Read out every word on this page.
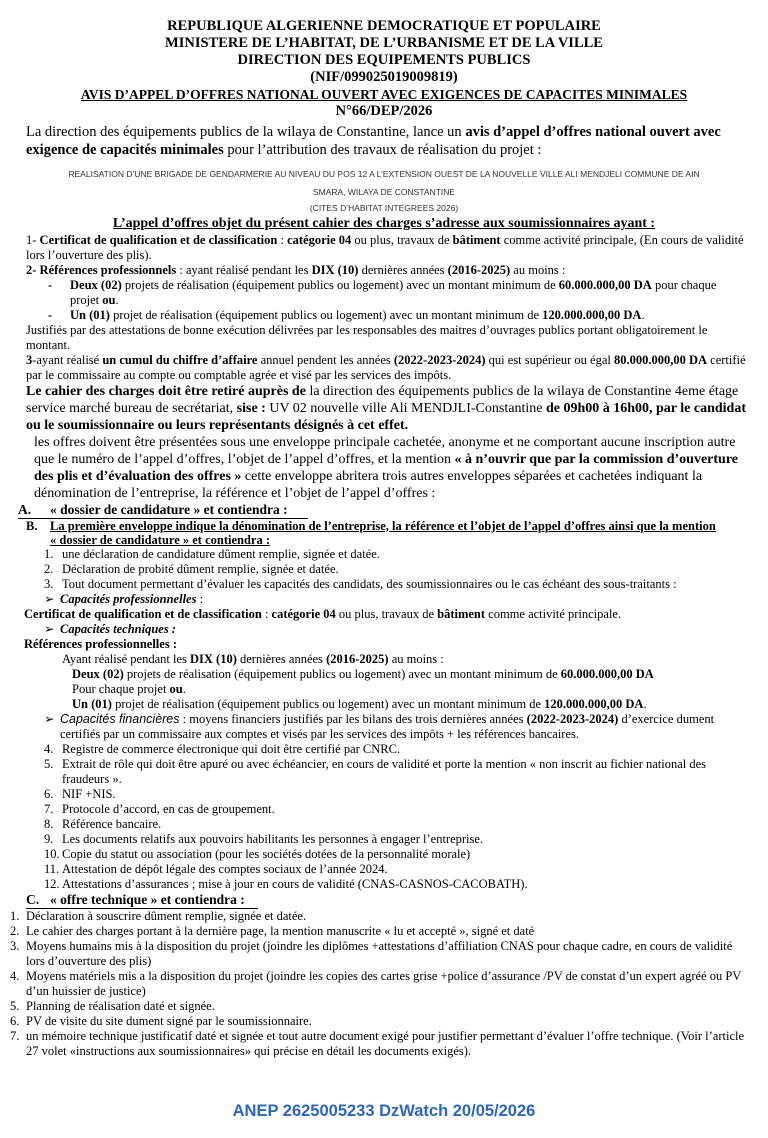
REPUBLIQUE ALGERIENNE DEMOCRATIQUE ET POPULAIRE
MINISTERE DE L’HABITAT, DE L’URBANISME ET DE LA VILLE
DIRECTION DES EQUIPEMENTS PUBLICS
(NIF/099025019009819)
AVIS D’APPEL D’OFFRES NATIONAL OUVERT AVEC EXIGENCES DE CAPACITES MINIMALES
N°66/DEP/2026
La direction des équipements publics de la wilaya de Constantine, lance un avis d’appel d’offres national ouvert avec exigence de capacités minimales pour l’attribution des travaux de réalisation du projet :
REALISATION D’UNE BRIGADE DE GENDARMERIE AU NIVEAU DU POS 12 A L’EXTENSION OUEST DE LA NOUVELLE VILLE ALI MENDJELI COMMUNE DE AIN
SMARA, WILAYA DE CONSTANTINE
(CITES D’HABITAT INTEGREES 2026)
L’appel d’offres objet du présent cahier des charges s’adresse aux soumissionnaires ayant :
1- Certificat de qualification et de classification : catégorie 04 ou plus, travaux de bâtiment comme activité principale, (En cours de validité lors l’ouverture des plis).
2- Références professionnels : ayant réalisé pendant les DIX (10) dernières années (2016-2025) au moins :
-	Deux (02) projets de réalisation (équipement publics ou logement) avec un montant minimum de 60.000.000,00 DA pour chaque projet ou.
-	Un (01) projet de réalisation (équipement publics ou logement) avec un montant minimum de 120.000.000,00 DA.
Justifiés par des attestations de bonne exécution délivrées par les responsables des maitres d’ouvrages publics portant obligatoirement le montant.
3-ayant réalisé un cumul du chiffre d’affaire annuel pendent les années (2022-2023-2024) qui est supérieur ou égal 80.000.000,00 DA certifié par le commissaire au compte ou comptable agrée et visé par les services des impôts.
Le cahier des charges doit être retiré auprès de la direction des équipements publics de la wilaya de Constantine 4eme étage service marché bureau de secrétariat, sise : UV 02 nouvelle ville Ali MENDJLI-Constantine de 09h00 à 16h00, par le candidat ou le soumissionnaire ou leurs représentants désignés à cet effet.
les offres doivent être présentées sous une enveloppe principale cachetée, anonyme et ne comportant aucune inscription autre que le numéro de l’appel d’offres, l’objet de l’appel d’offres, et la mention « à n’ouvrir que par la commission d’ouverture des plis et d’évaluation des offres » cette enveloppe abritera trois autres enveloppes séparées et cachetées indiquant la dénomination de l’entreprise, la référence et l’objet de l’appel d’offres :
A.	« dossier de candidature » et contiendra :
B.	La première enveloppe indique la dénomination de l’entreprise, la référence et l’objet de l’appel d’offres ainsi que la mention « dossier de candidature » et contiendra :
1. une déclaration de candidature dûment remplie, signée et datée.
2. Déclaration de probité dûment remplie, signée et datée.
3. Tout document permettant d’évaluer les capacités des candidats, des soumissionnaires ou le cas échéant des sous-traitants :
➢ Capacités professionnelles :
Certificat de qualification et de classification : catégorie 04 ou plus, travaux de bâtiment comme activité principale.
➢ Capacités techniques :
Références professionnelles :
Ayant réalisé pendant les DIX (10) dernières années (2016-2025) au moins :
Deux (02) projets de réalisation (équipement publics ou logement) avec un montant minimum de 60.000.000,00 DA
Pour chaque projet ou.
Un (01) projet de réalisation (équipement publics ou logement) avec un montant minimum de 120.000.000,00 DA.
➢ Capacités financières : moyens financiers justifiés par les bilans des trois dernières années (2022-2023-2024) d’exercice dument certifiés par un commissaire aux comptes et visés par les services des impôts + les références bancaires.
4. Registre de commerce électronique qui doit être certifié par CNRC.
5. Extrait de rôle qui doit être apuré ou avec échéancier, en cours de validité et porte la mention « non inscrit au fichier national des fraudeurs ».
6. NIF +NIS.
7. Protocole d’accord, en cas de groupement.
8. Référence bancaire.
9. Les documents relatifs aux pouvoirs habilitants les personnes à engager l’entreprise.
10. Copie du statut ou association (pour les sociétés dotées de la personnalité morale)
11. Attestation de dépôt légale des comptes sociaux de l’année 2024.
12. Attestations d’assurances ; mise à jour en cours de validité (CNAS-CASNOS-CACOBATH).
C. « offre technique » et contiendra :
1. Déclaration à souscrire dûment remplie, signée et datée.
2. Le cahier des charges portant à la dernière page, la mention manuscrite « lu et accepté », signé et daté
3. Moyens humains mis à la disposition du projet (joindre les diplômes +attestations d’affiliation CNAS pour chaque cadre, en cours de validité lors d’ouverture des plis)
4. Moyens matériels mis a la disposition du projet (joindre les copies des cartes grise +police d’assurance /PV de constat d’un expert agréé ou PV d’un huissier de justice)
5. Planning de réalisation daté et signée.
6. PV de visite du site dument signé par le soumissionnaire.
7. un mémoire technique justificatif daté et signée et tout autre document exigé pour justifier permettant d’évaluer l’offre technique. (Voir l’article 27 volet «instructions aux soumissionnaires» qui précise en détail les documents exigés).
ANEP 2625005233 DzWatch 20/05/2026
